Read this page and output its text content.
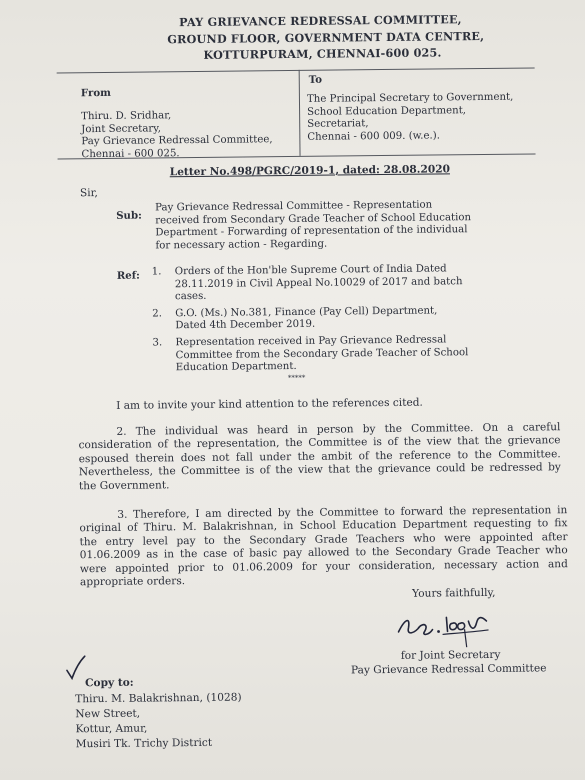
PAY GRIEVANCE REDRESSAL COMMITTEE,
GROUND FLOOR, GOVERNMENT DATA CENTRE,
KOTTURPURAM, CHENNAI-600 025.
From
Thiru. D. Sridhar,
Joint Secretary,
Pay Grievance Redressal Committee,
Chennai - 600 025.
To
The Principal Secretary to Government,
School Education Department,
Secretariat,
Chennai - 600 009. (w.e.).
Letter No.498/PGRC/2019-1, dated: 28.08.2020
Sir,
Sub:
Pay Grievance Redressal Committee - Representation
received from Secondary Grade Teacher of School Education
Department - Forwarding of representation of the individual
for necessary action - Regarding.
Ref: 1.	Orders of the Hon'ble Supreme Court of India Dated
28.11.2019 in Civil Appeal No.10029 of 2017 and batch
cases.
2.	G.O. (Ms.) No.381, Finance (Pay Cell) Department,
Dated 4th December 2019.
3.	Representation received in Pay Grievance Redressal
Committee from the Secondary Grade Teacher of School
Education Department.
*****
I am to invite your kind attention to the references cited.
2. The individual was heard in person by the Committee. On a careful
consideration of the representation, the Committee is of the view that the grievance
espoused therein does not fall under the ambit of the reference to the Committee.
Nevertheless, the Committee is of the view that the grievance could be redressed by
the Government.
3. Therefore, I am directed by the Committee to forward the representation in
original of Thiru. M. Balakrishnan, in School Education Department requesting to fix
the entry level pay to the Secondary Grade Teachers who were appointed after
01.06.2009 as in the case of basic pay allowed to the Secondary Grade Teacher who
were appointed prior to 01.06.2009 for your consideration, necessary action and
appropriate orders.
Yours faithfully,
for Joint Secretary
Pay Grievance Redressal Committee
Copy to:
Thiru. M. Balakrishnan, (1028)
New Street,
Kottur, Amur,
Musiri Tk. Trichy District
